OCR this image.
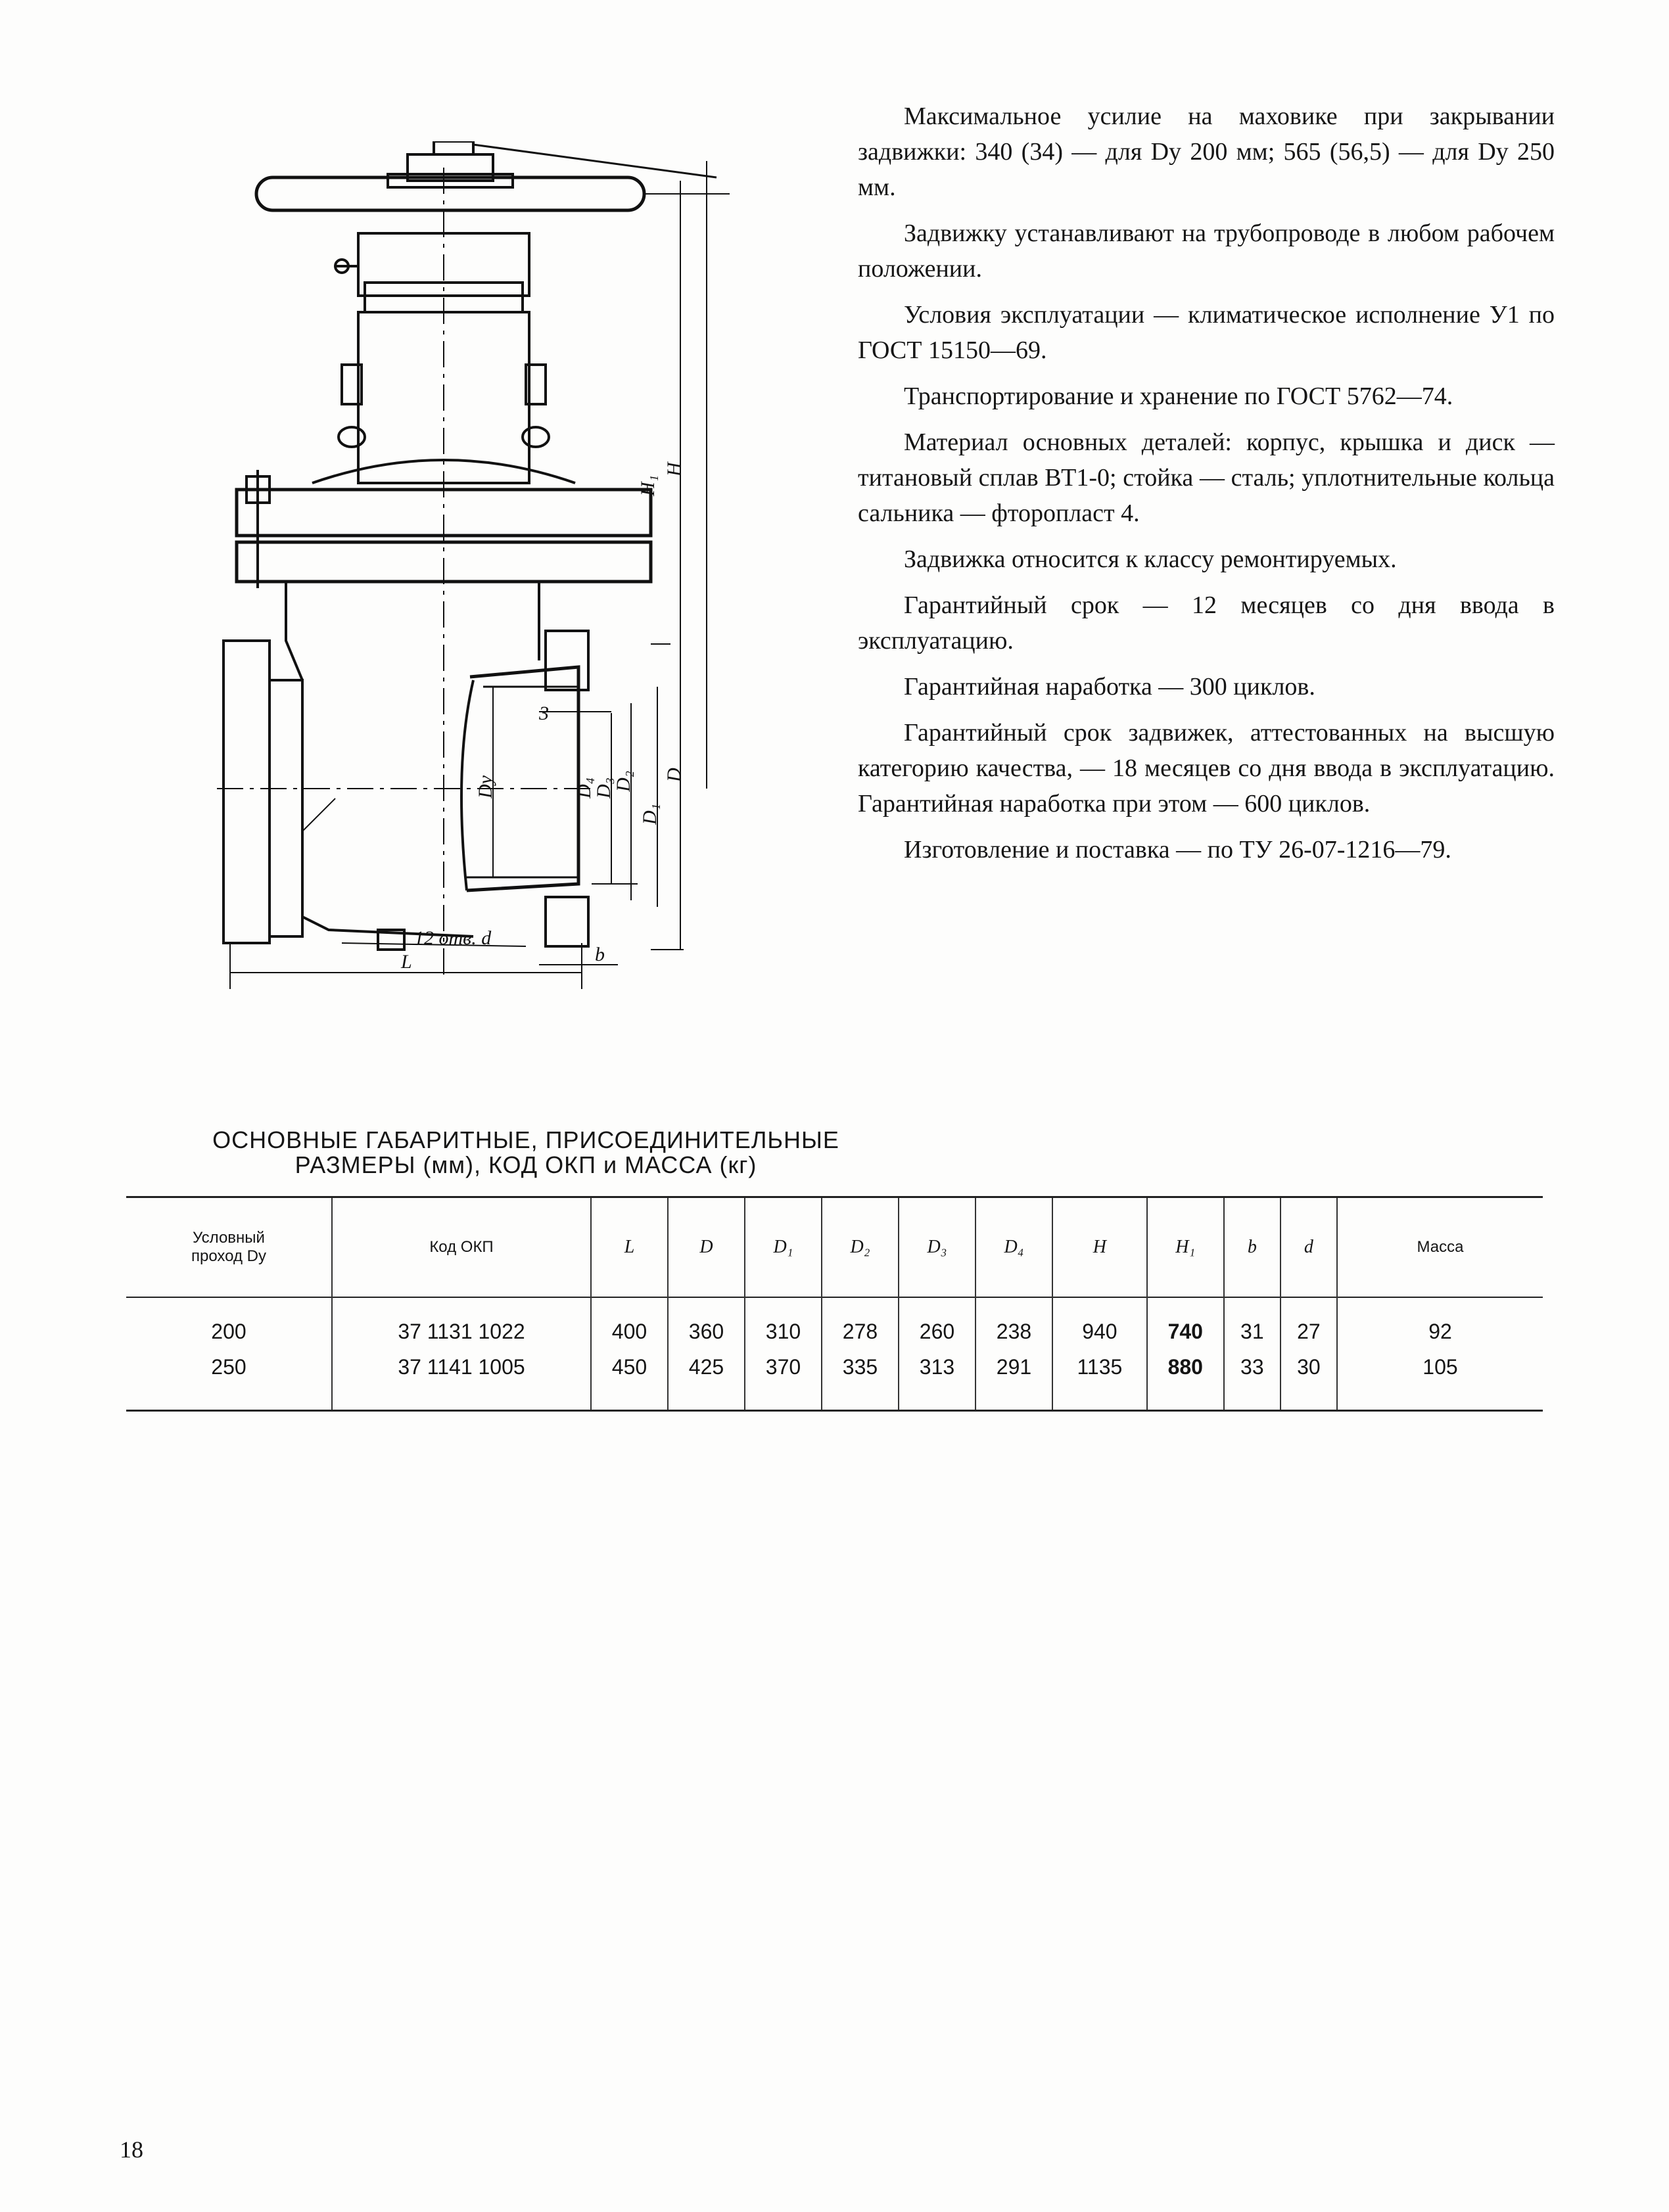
H₁
H
D
D₁
D₂
D₃
D₄
Dу
L	b
3
12 отв. d

Максимальное усилие на маховике при закрывании задвижки: 340 (34) — для Dу 200 мм; 565 (56,5) — для Dу 250 мм.

Задвижку устанавливают на трубопроводе в любом рабочем положении.

Условия эксплуатации — климатическое исполнение У1 по ГОСТ 15150—69.

Транспортирование и хранение по ГОСТ 5762—74.

Материал основных деталей: корпус, крышка и диск — титановый сплав ВТ1-0; стойка — сталь; уплотнительные кольца сальника — фторопласт 4.

Задвижка относится к классу ремонтируемых.

Гарантийный срок — 12 месяцев со дня ввода в эксплуатацию.

Гарантийная наработка — 300 циклов.

Гарантийный срок задвижек, аттестованных на высшую категорию качества, — 18 месяцев со дня ввода в эксплуатацию. Гарантийная наработка при этом — 600 циклов.

Изготовление и поставка — по ТУ 26-07-1216—79.

ОСНОВНЫЕ ГАБАРИТНЫЕ, ПРИСОЕДИНИТЕЛЬНЫЕ
РАЗМЕРЫ (мм), КОД ОКП и МАССА (кг)
Условный
проход Dу	Код ОКП	L	D	D₁	D₂	D₃	D₄	H	H₁	b	d	Масса
200	37 1131 1022	400	360	310	278	260	238	940	740	31	27	92
250	37 1141 1005	450	425	370	335	313	291	1135	880	33	30	105
18
